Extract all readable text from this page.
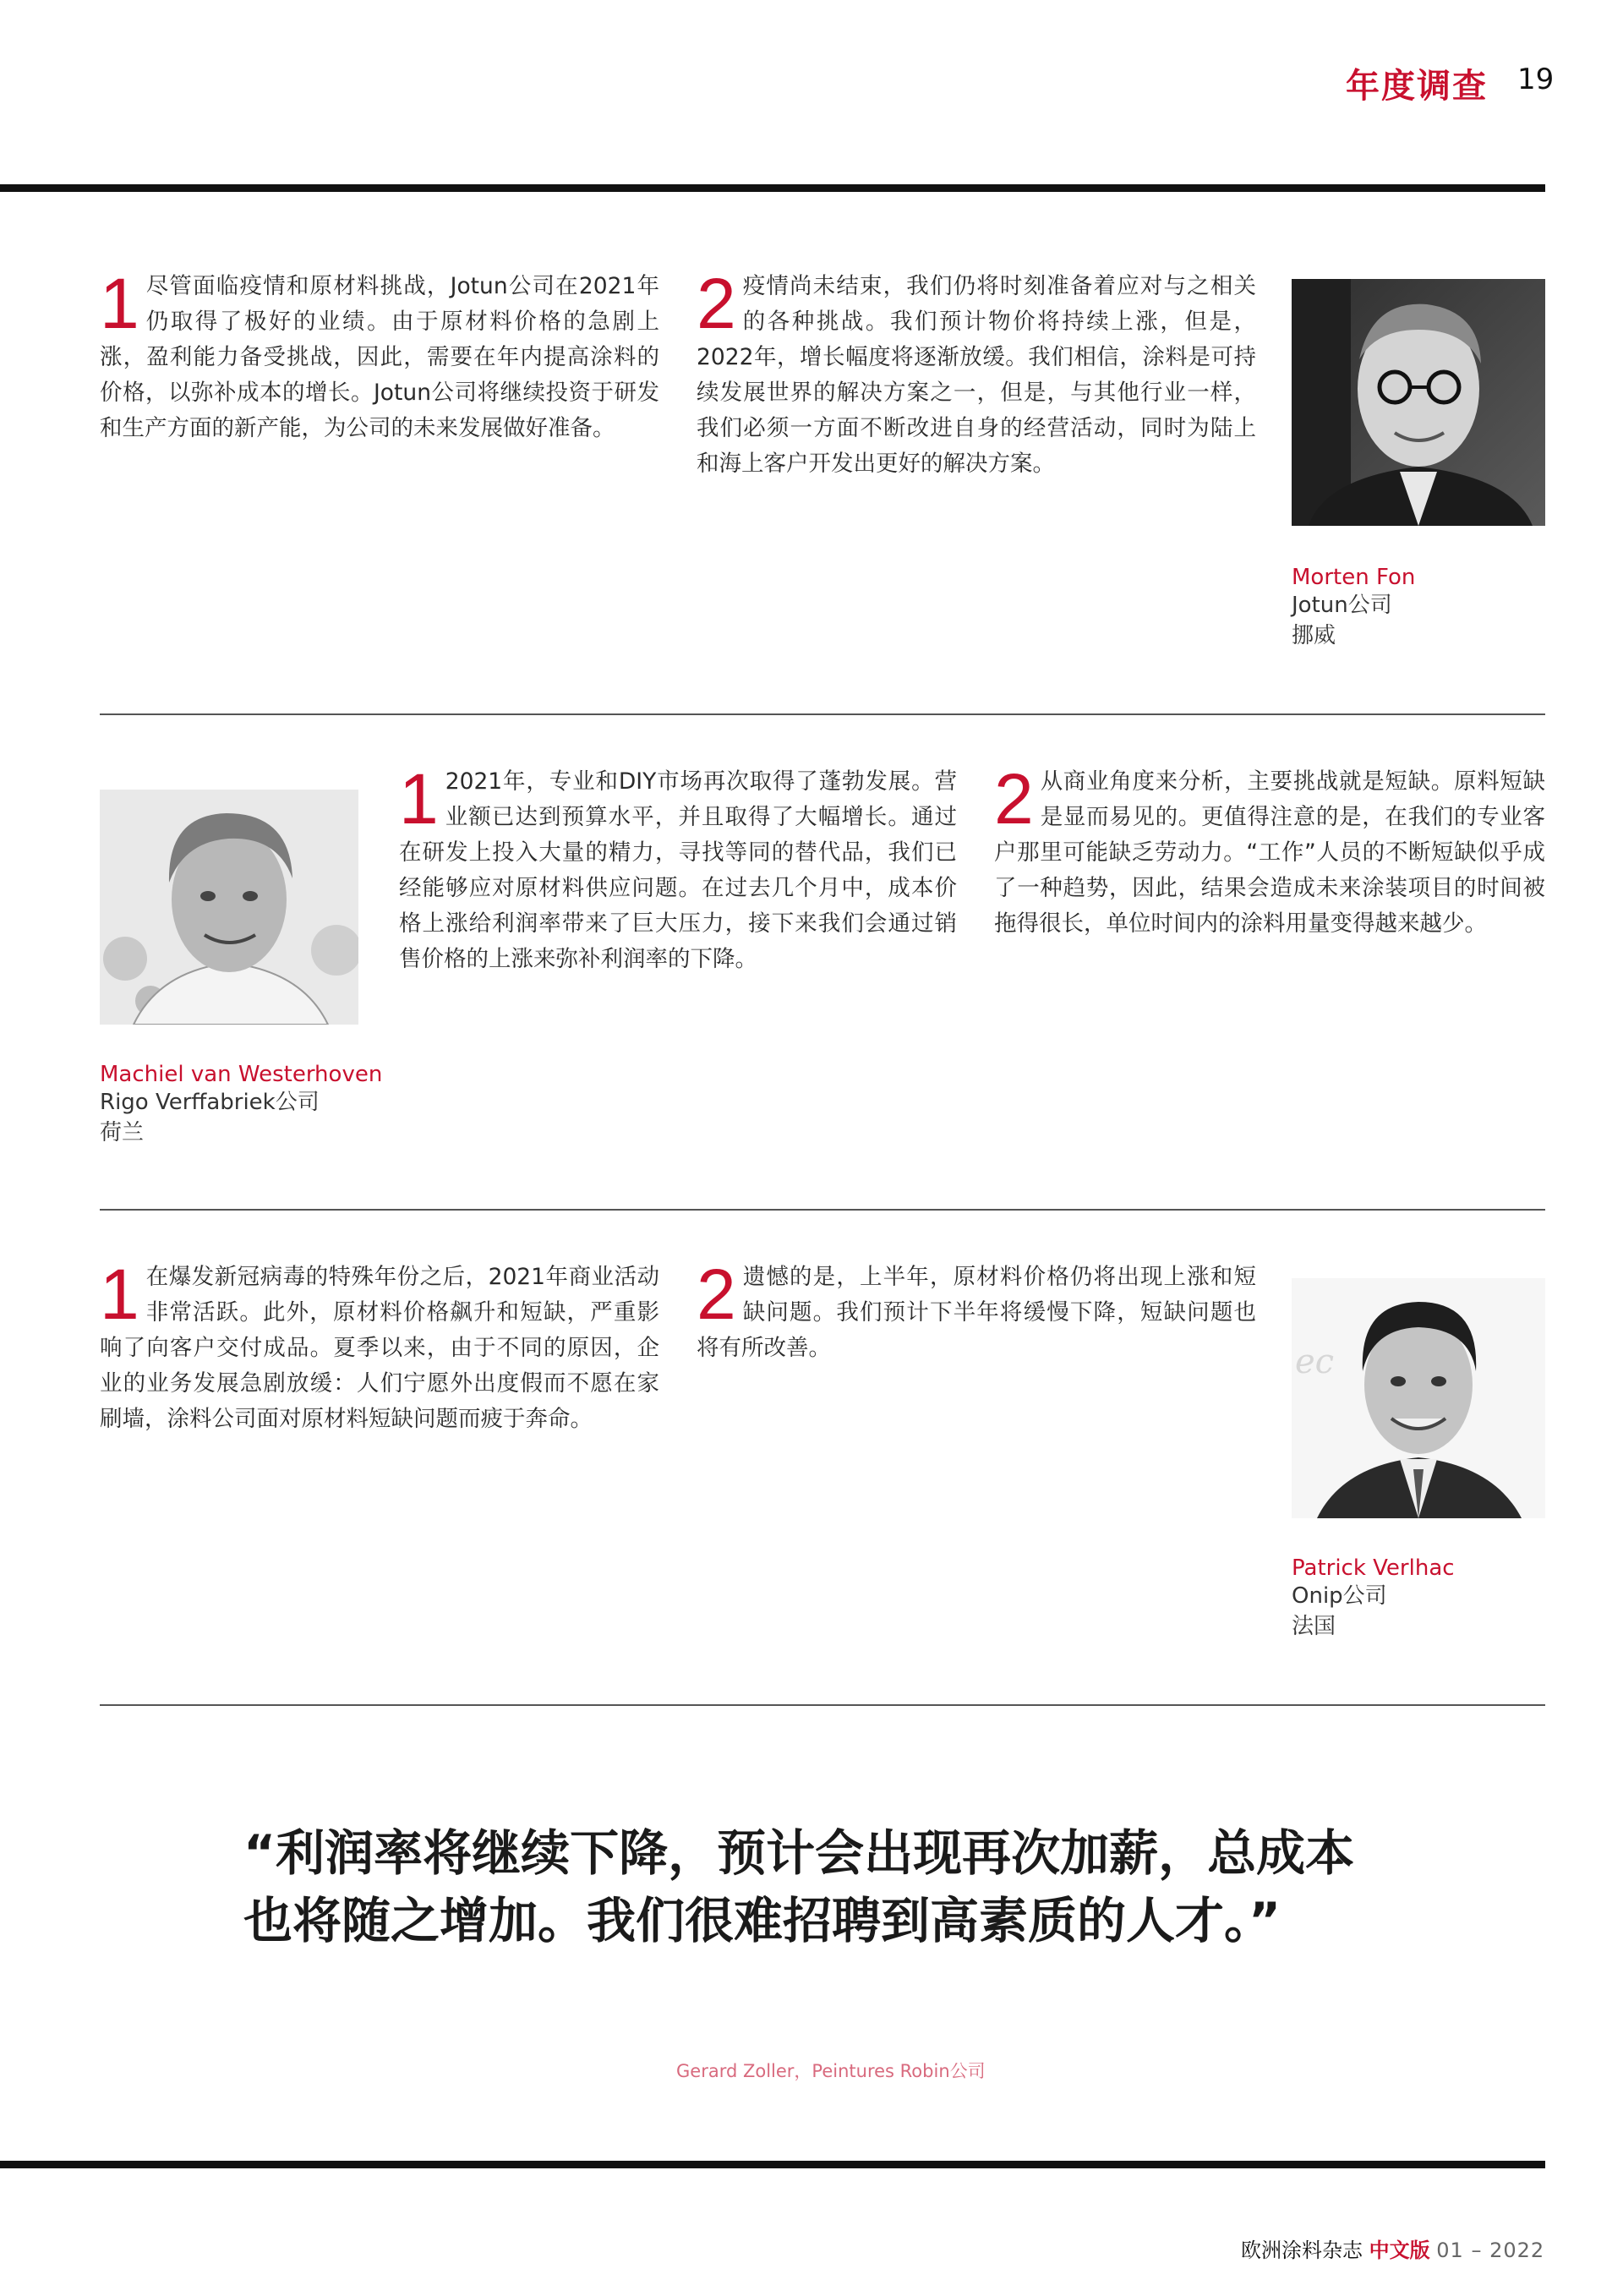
年度调查 19
1 尽管面临疫情和原材料挑战，Jotun公司在2021年仍取得了极好的业绩。由于原材料价格的急剧上涨，盈利能力备受挑战，因此，需要在年内提高涂料的价格，以弥补成本的增长。Jotun公司将继续投资于研发和生产方面的新产能，为公司的未来发展做好准备。
2 疫情尚未结束，我们仍将时刻准备着应对与之相关的各种挑战。我们预计物价将持续上涨，但是，2022年，增长幅度将逐渐放缓。我们相信，涂料是可持续发展世界的解决方案之一，但是，与其他行业一样，我们必须一方面不断改进自身的经营活动，同时为陆上和海上客户开发出更好的解决方案。
Morten Fon
Jotun公司
挪威
Machiel van Westerhoven
Rigo Verffabriek公司
荷兰
1 2021年，专业和DIY市场再次取得了蓬勃发展。营业额已达到预算水平，并且取得了大幅增长。通过在研发上投入大量的精力，寻找等同的替代品，我们已经能够应对原材料供应问题。在过去几个月中，成本价格上涨给利润率带来了巨大压力，接下来我们会通过销售价格的上涨来弥补利润率的下降。
2 从商业角度来分析，主要挑战就是短缺。原料短缺是显而易见的。更值得注意的是，在我们的专业客户那里可能缺乏劳动力。“工作”人员的不断短缺似乎成了一种趋势，因此，结果会造成未来涂装项目的时间被拖得很长，单位时间内的涂料用量变得越来越少。
1 在爆发新冠病毒的特殊年份之后，2021年商业活动非常活跃。此外，原材料价格飙升和短缺，严重影响了向客户交付成品。夏季以来，由于不同的原因，企业的业务发展急剧放缓：人们宁愿外出度假而不愿在家刷墙，涂料公司面对原材料短缺问题而疲于奔命。
2 遗憾的是，上半年，原材料价格仍将出现上涨和短缺问题。我们预计下半年将缓慢下降，短缺问题也将有所改善。	ec
Patrick Verlhac
Onip公司
法国
“利润率将继续下降，预计会出现再次加薪，总成本
也将随之增加。我们很难招聘到高素质的人才。”
Gerard Zoller，Peintures Robin公司
欧洲涂料杂志 中文版 01 – 2022
